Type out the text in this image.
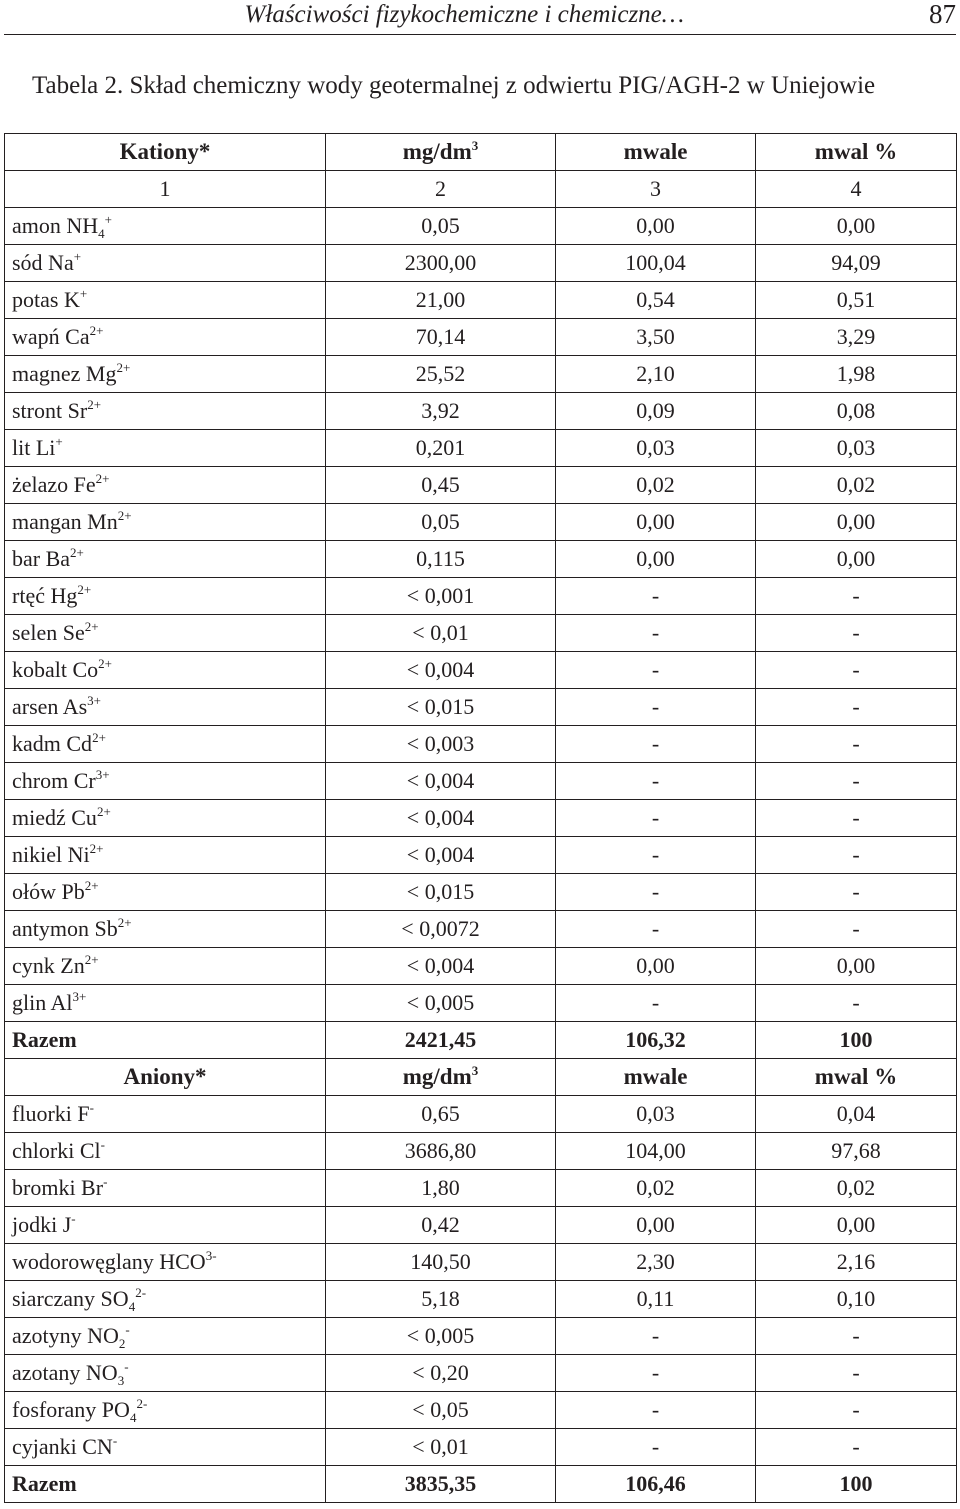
Właściwości fizykochemiczne i chemiczne…	87
Tabela 2. Skład chemiczny wody geotermalnej z odwiertu PIG/AGH-2 w Uniejowie
Kationy*	$mg/dm^3$	mwale	mwal %
1	2	3	4
amon $NH_4^+$	0,05	0,00	0,00
sód Na+	2300,00	100,04	94,09
potas K+	21,00	0,54	0,51
wapń $Ca^{2+}$	70,14	3,50	3,29
magnez $Mg^{2+}$	25,52	2,10	1,98
stront $Sr^{2+}$	3,92	0,09	0,08
lit Li+	0,201	0,03	0,03
żelazo $Fe^{2+}$	0,45	0,02	0,02
mangan $Mn^{2+}$	0,05	0,00	0,00
bar $Ba^{2+}$	0,115	0,00	0,00
rtęć $Hg^{2+}$	< 0,001	-	-
selen $Se^{2+}$	< 0,01	-	-
kobalt $Co^{2+}$	< 0,004	-	-
arsen $As^{3+}$	< 0,015	-	-
kadm $Cd^{2+}$	< 0,003	-	-
chrom $Cr^{3+}$	< 0,004	-	-
miedź $Cu^{2+}$	< 0,004	-	-
nikiel $Ni^{2+}$	< 0,004	-	-
ołów $Pb^{2+}$	< 0,015	-	-
antymon $Sb^{2+}$	< 0,0072	-	-
cynk $Zn^{2+}$	< 0,004	0,00	0,00
glin $Al^{3+}$	< 0,005	-	-
Razem	2421,45	106,32	100
Aniony*	$mg/dm^3$	mwale	mwal %
fluorki F-	0,65	0,03	0,04
chlorki Cl-	3686,80	104,00	97,68
bromki Br-	1,80	0,02	0,02
jodki J-	0,42	0,00	0,00
wodorowęglany $HCO^{3-}$	140,50	2,30	2,16
siarczany $SO_4^{2-}$	5,18	0,11	0,10
azotyny $NO_2^-$	< 0,005	-	-
azotany $NO_3^-$	< 0,20	-	-
fosforany $PO_4^{2-}$	< 0,05	-	-
cyjanki CN-	< 0,01	-	-
Razem	3835,35	106,46	100
